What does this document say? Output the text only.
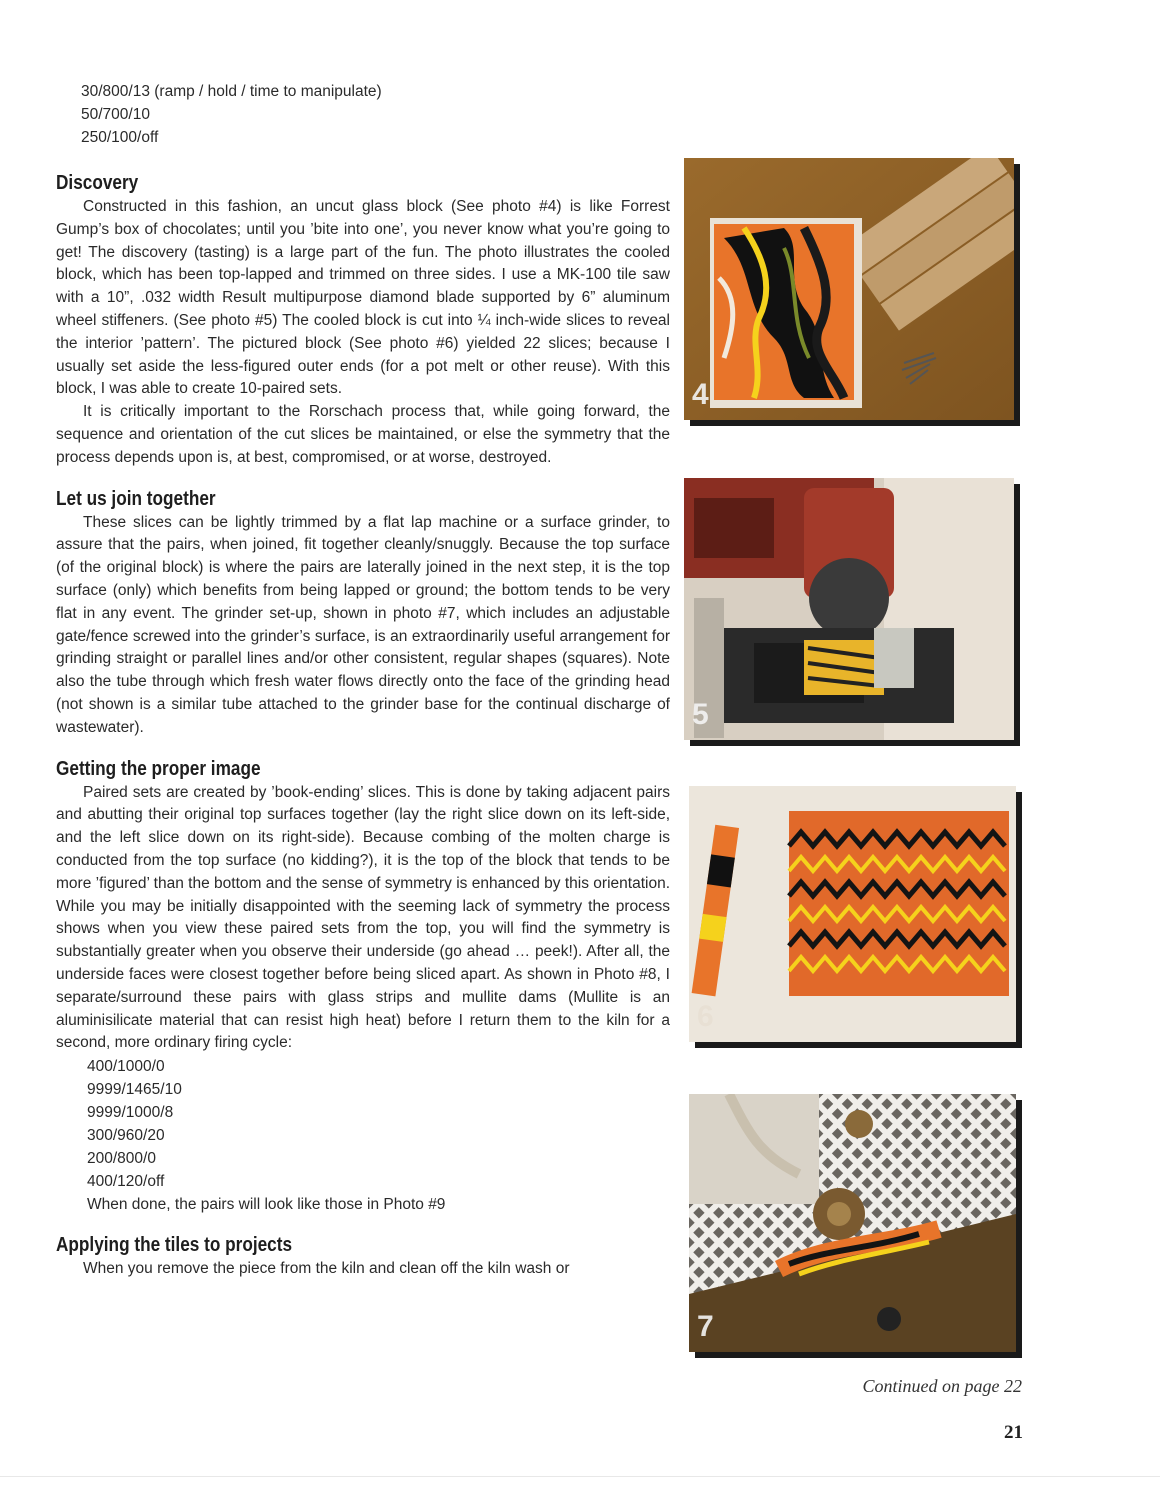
30/800/13 (ramp / hold / time to manipulate)
50/700/10
250/100/off
Discovery

Constructed in this fashion, an uncut glass block (See photo #4) is like Forrest Gump’s box of chocolates; until you ’bite into one’, you never know what you’re going to get! The discovery (tasting) is a large part of the fun. The photo illustrates the cooled block, which has been top-lapped and trimmed on three sides. I use a MK-100 tile saw with a 10”, .032 width Result multipurpose diamond blade supported by 6” aluminum wheel stiffeners. (See photo #5) The cooled block is cut into ¼ inch-wide slices to reveal the interior ’pattern’. The pictured block (See photo #6) yielded 22 slices; because I usually set aside the less-figured outer ends (for a pot melt or other reuse). With this block, I was able to create 10-paired sets.

It is critically important to the Rorschach process that, while going forward, the sequence and orientation of the cut slices be maintained, or else the symmetry that the process depends upon is, at best, compromised, or at worse, destroyed.

Let us join together

These slices can be lightly trimmed by a flat lap machine or a surface grinder, to assure that the pairs, when joined, fit together cleanly/snuggly. Because the top surface (of the original block) is where the pairs are laterally joined in the next step, it is the top surface (only) which benefits from being lapped or ground; the bottom tends to be very flat in any event. The grinder set-up, shown in photo #7, which includes an adjustable gate/fence screwed into the grinder’s surface, is an extraordinarily useful arrangement for grinding straight or parallel lines and/or other consistent, regular shapes (squares). Note also the tube through which fresh water flows directly onto the face of the grinding head (not shown is a similar tube attached to the grinder base for the continual discharge of wastewater).

Getting the proper image

Paired sets are created by ’book-ending’ slices. This is done by taking adjacent pairs and abutting their original top surfaces together (lay the right slice down on its left-side, and the left slice down on its right-side). Because combing of the molten charge is conducted from the top surface (no kidding?), it is the top of the block that tends to be more ’figured’ than the bottom and the sense of symmetry is enhanced by this orientation. While you may be initially disappointed with the seeming lack of symmetry the process shows when you view these paired sets from the top, you will find the symmetry is substantially greater when you observe their underside (go ahead … peek!). After all, the underside faces were closest together before being sliced apart. As shown in Photo #8, I separate/surround these pairs with glass strips and mullite dams (Mullite is an aluminisilicate material that can resist high heat) before I return them to the kiln for a second, more ordinary firing cycle:

400/1000/0
9999/1465/10
9999/1000/8
300/960/20
200/800/0
400/120/off
When done, the pairs will look like those in Photo #9
Applying the tiles to projects

When you remove the piece from the kiln and clean off the kiln wash or

4
5
6
7
Continued on page 22
21
